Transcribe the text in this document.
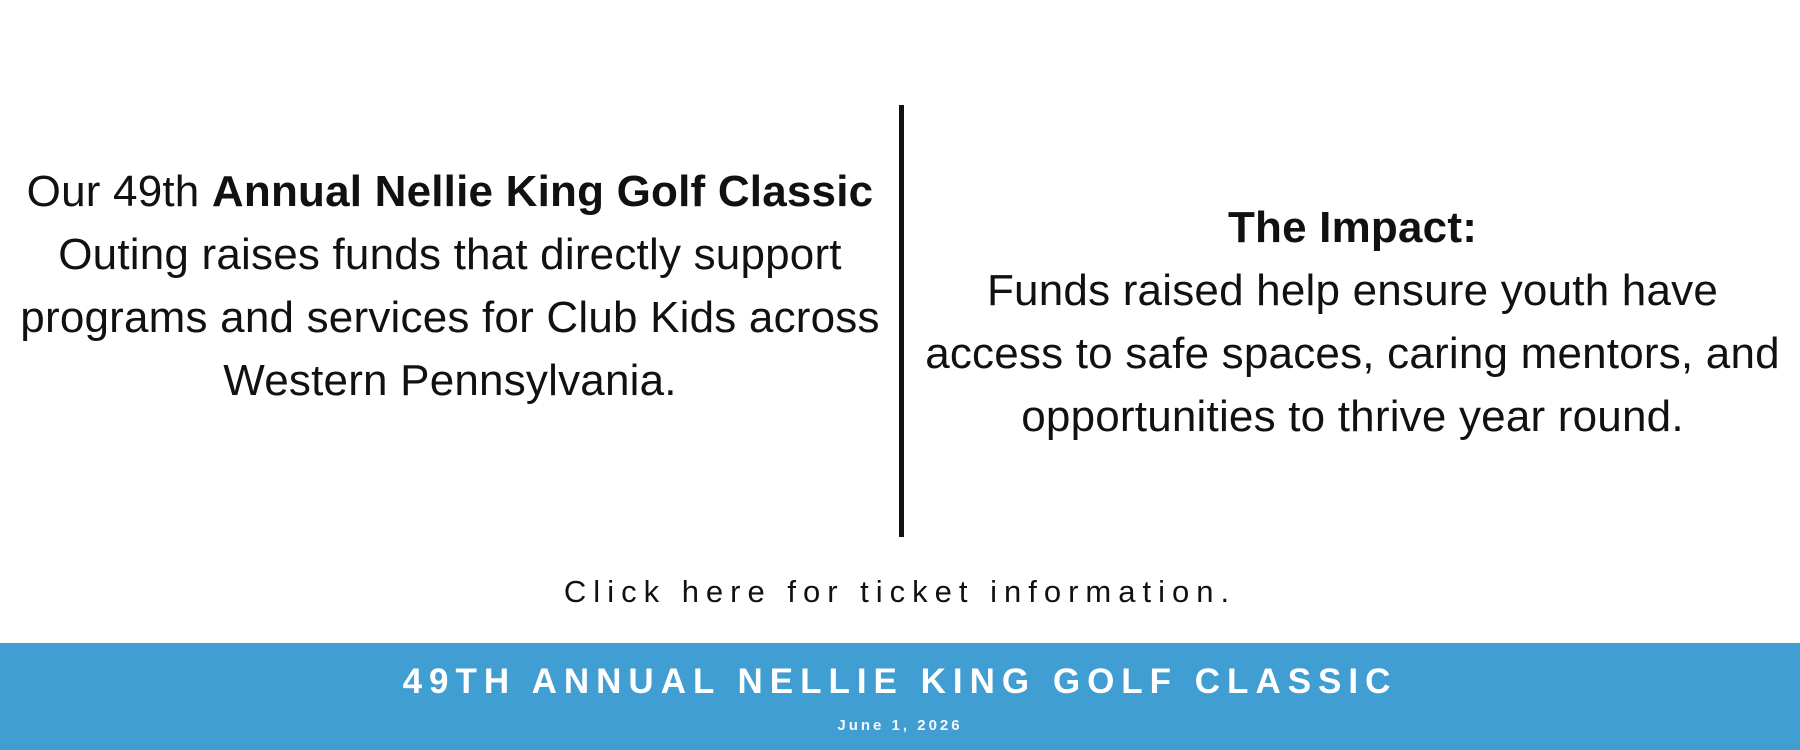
Our 49th Annual Nellie King Golf Classic Outing raises funds that directly support programs and services for Club Kids across Western Pennsylvania.

The Impact:

Funds raised help ensure youth have access to safe spaces, caring mentors, and opportunities to thrive year round.

Click here for ticket information.

49TH ANNUAL NELLIE KING GOLF CLASSIC

June 1, 2026
